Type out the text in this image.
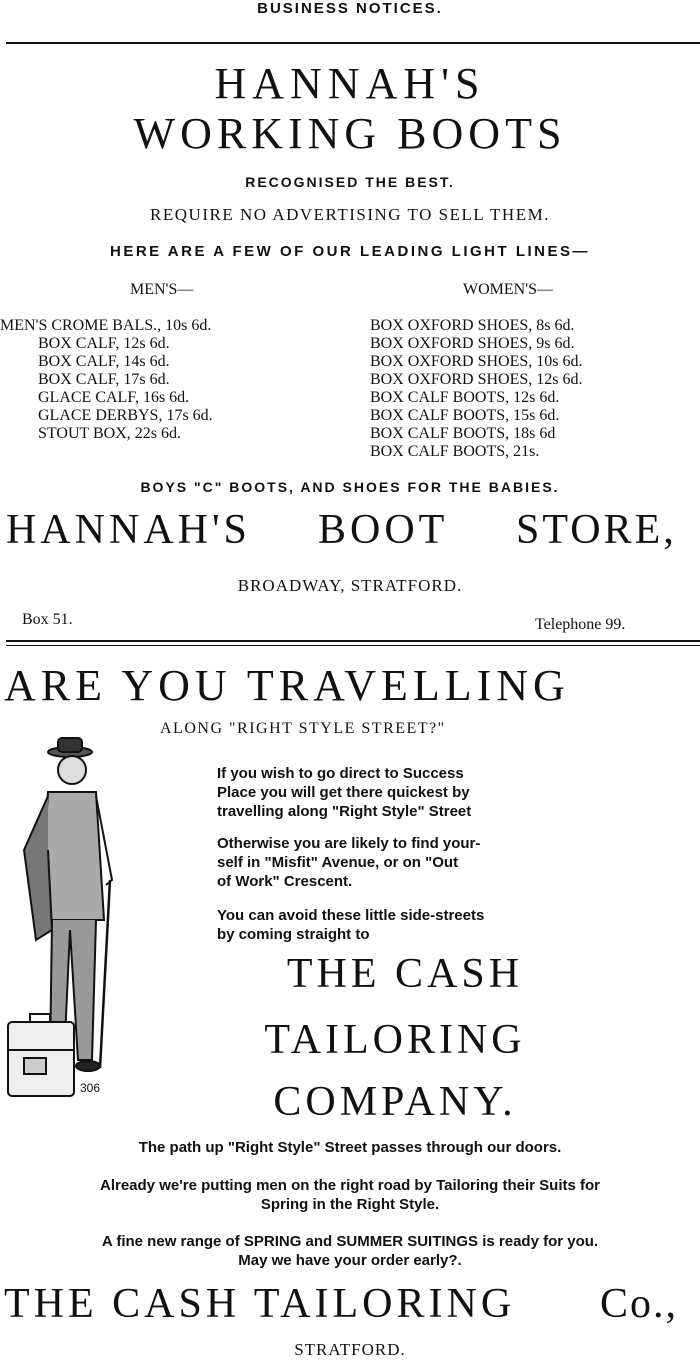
BUSINESS NOTICES.
HANNAH'S
WORKING BOOTS
RECOGNISED THE BEST.
REQUIRE NO ADVERTISING TO SELL THEM.
HERE ARE A FEW OF OUR LEADING LIGHT LINES—
MEN'S—	WOMEN'S—
MEN'S CROME BALS., 10s 6d.
BOX CALF, 12s 6d.
BOX CALF, 14s 6d.
BOX CALF, 17s 6d.
GLACE CALF, 16s 6d.
GLACE DERBYS, 17s 6d.
STOUT BOX, 22s 6d.
BOX OXFORD SHOES, 8s 6d.
BOX OXFORD SHOES, 9s 6d.
BOX OXFORD SHOES, 10s 6d.
BOX OXFORD SHOES, 12s 6d.
BOX CALF BOOTS, 12s 6d.
BOX CALF BOOTS, 15s 6d.
BOX CALF BOOTS, 18s 6d
BOX CALF BOOTS, 21s.
BOYS "C" BOOTS, AND SHOES FOR THE BABIES.
HANNAH'S BOOT STORE,
BROADWAY, STRATFORD.
Box 51.	Telephone 99.
ARE YOU TRAVELLING
ALONG "RIGHT STYLE STREET?"
306
If you wish to go direct to Success
Place you will get there quickest by
travelling along "Right Style" Street
Otherwise you are likely to find your-
self in "Misfit" Avenue, or on "Out
of Work" Crescent.
You can avoid these little side-streets
by coming straight to
THE CASH
TAILORING
COMPANY.
The path up "Right Style" Street passes through our doors.
Already we're putting men on the right road by Tailoring their Suits for
Spring in the Right Style.
A fine new range of SPRING and SUMMER SUITINGS is ready for you.
May we have your order early?.
THE CASH TAILORING Co.,
STRATFORD.
